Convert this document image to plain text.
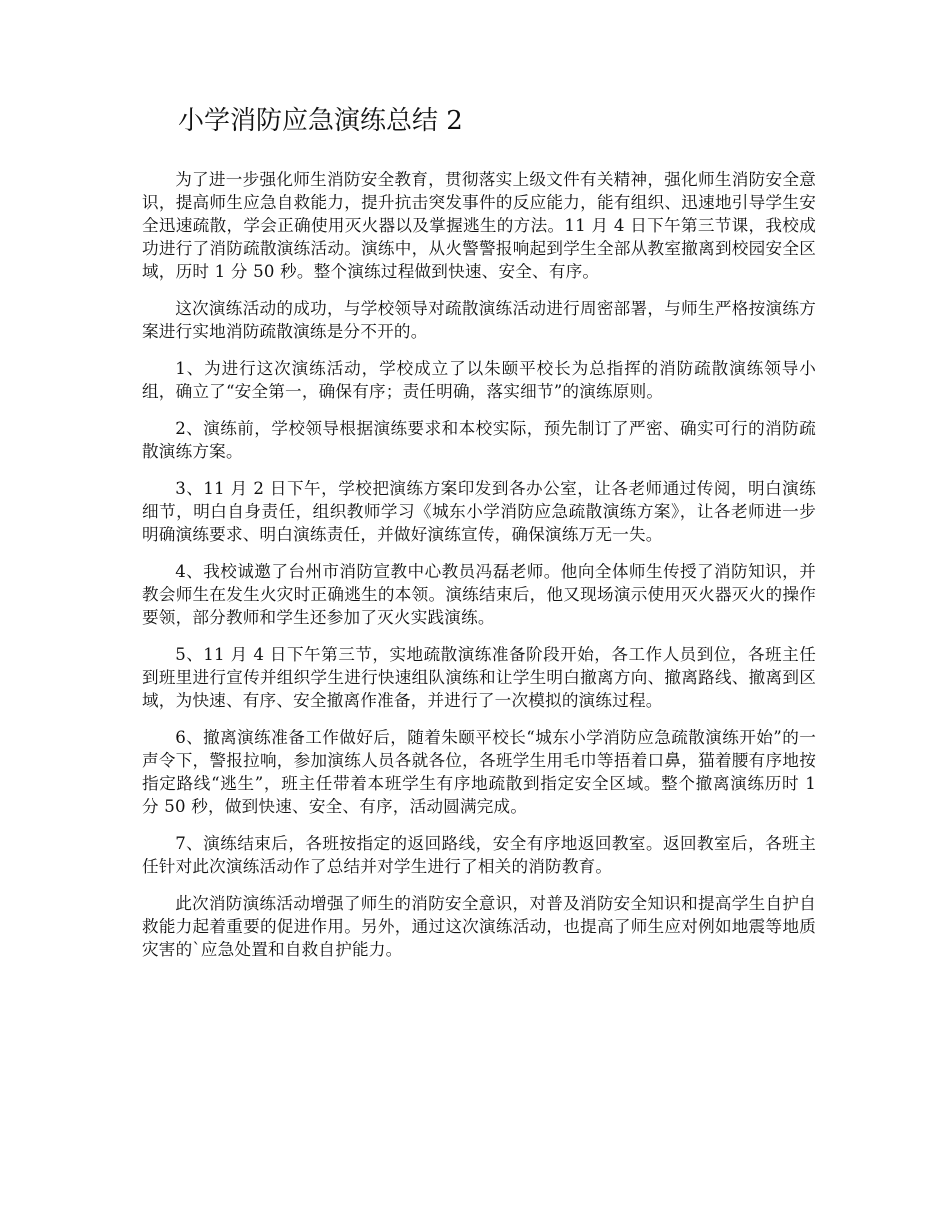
小学消防应急演练总结 2

为了进一步强化师生消防安全教育，贯彻落实上级文件有关精神，强化师生消防安全意识，提高师生应急自救能力，提升抗击突发事件的反应能力，能有组织、迅速地引导学生安全迅速疏散，学会正确使用灭火器以及掌握逃生的方法。11 月 4 日下午第三节课，我校成功进行了消防疏散演练活动。演练中，从火警警报响起到学生全部从教室撤离到校园安全区域，历时 1 分 50 秒。整个演练过程做到快速、安全、有序。

这次演练活动的成功，与学校领导对疏散演练活动进行周密部署，与师生严格按演练方案进行实地消防疏散演练是分不开的。

1、为进行这次演练活动，学校成立了以朱颐平校长为总指挥的消防疏散演练领导小组，确立了“安全第一，确保有序；责任明确，落实细节”的演练原则。

2、演练前，学校领导根据演练要求和本校实际，预先制订了严密、确实可行的消防疏散演练方案。

3、11 月 2 日下午，学校把演练方案印发到各办公室，让各老师通过传阅，明白演练细节，明白自身责任，组织教师学习《城东小学消防应急疏散演练方案》，让各老师进一步明确演练要求、明白演练责任，并做好演练宣传，确保演练万无一失。

4、我校诚邀了台州市消防宣教中心教员冯磊老师。他向全体师生传授了消防知识，并教会师生在发生火灾时正确逃生的本领。演练结束后，他又现场演示使用灭火器灭火的操作要领，部分教师和学生还参加了灭火实践演练。

5、11 月 4 日下午第三节，实地疏散演练准备阶段开始，各工作人员到位，各班主任到班里进行宣传并组织学生进行快速组队演练和让学生明白撤离方向、撤离路线、撤离到区域，为快速、有序、安全撤离作准备，并进行了一次模拟的演练过程。

6、撤离演练准备工作做好后，随着朱颐平校长“城东小学消防应急疏散演练开始”的一声令下，警报拉响，参加演练人员各就各位，各班学生用毛巾等捂着口鼻，猫着腰有序地按指定路线“逃生”，班主任带着本班学生有序地疏散到指定安全区域。整个撤离演练历时 1 分 50 秒，做到快速、安全、有序，活动圆满完成。

7、演练结束后，各班按指定的返回路线，安全有序地返回教室。返回教室后，各班主任针对此次演练活动作了总结并对学生进行了相关的消防教育。

此次消防演练活动增强了师生的消防安全意识，对普及消防安全知识和提高学生自护自救能力起着重要的促进作用。另外，通过这次演练活动，也提高了师生应对例如地震等地质灾害的`应急处置和自救自护能力。
